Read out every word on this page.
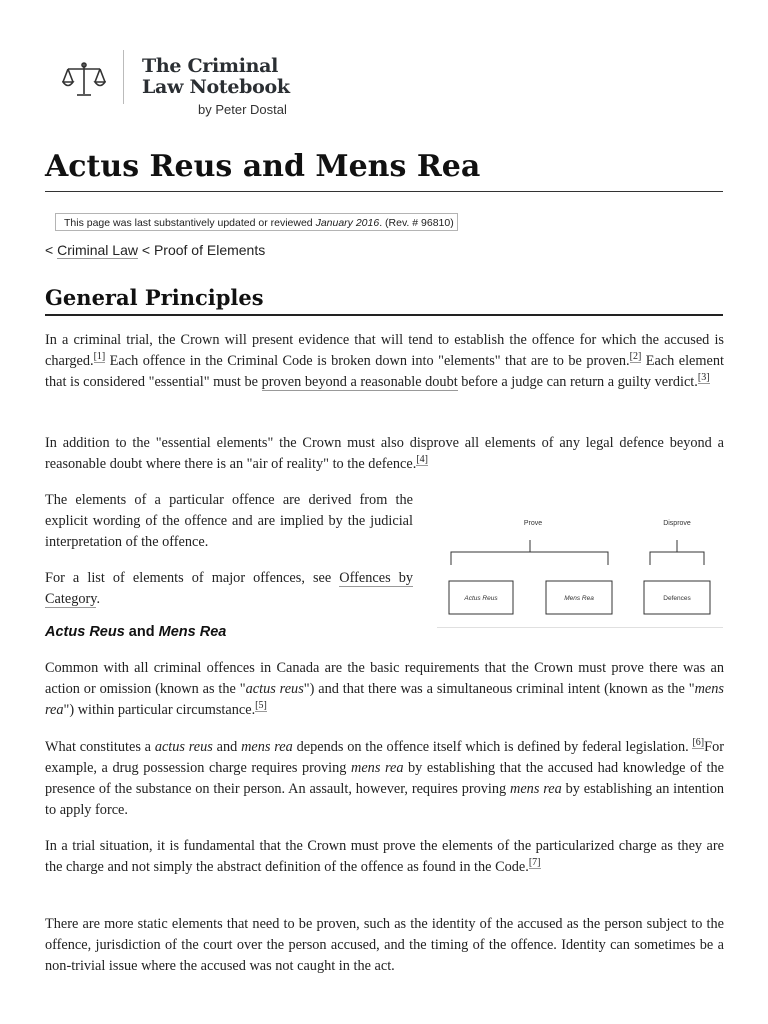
The Criminal
Law Notebook
by Peter Dostal
Actus Reus and Mens Rea
This page was last substantively updated or reviewed January 2016. (Rev. # 96810)
< Criminal Law < Proof of Elements
General Principles

In a criminal trial, the Crown will present evidence that will tend to establish the offence for which the accused is charged.[1] Each offence in the Criminal Code is broken down into "elements" that are to be proven.[2] Each element that is considered "essential" must be proven beyond a reasonable doubt before a judge can return a guilty verdict.[3]

In addition to the "essential elements" the Crown must also disprove all elements of any legal defence beyond a reasonable doubt where there is an "air of reality" to the defence.[4]

The elements of a particular offence are derived from the explicit wording of the offence and are implied by the judicial interpretation of the offence.

For a list of elements of major offences, see Offences by Category.

Actus Reus and Mens Rea
Prove	Disprove
Actus Reus	Mens Rea	Defences

Common with all criminal offences in Canada are the basic requirements that the Crown must prove there was an action or omission (known as the "actus reus") and that there was a simultaneous criminal intent (known as the "mens rea") within particular circumstance.[5]

What constitutes a actus reus and mens rea depends on the offence itself which is defined by federal legislation. [6]For example, a drug possession charge requires proving mens rea by establishing that the accused had knowledge of the presence of the substance on their person. An assault, however, requires proving mens rea by establishing an intention to apply force.

In a trial situation, it is fundamental that the Crown must prove the elements of the particularized charge as they are the charge and not simply the abstract definition of the offence as found in the Code.[7]

There are more static elements that need to be proven, such as the identity of the accused as the person subject to the offence, jurisdiction of the court over the person accused, and the timing of the offence. Identity can sometimes be a non-trivial issue where the accused was not caught in the act.
